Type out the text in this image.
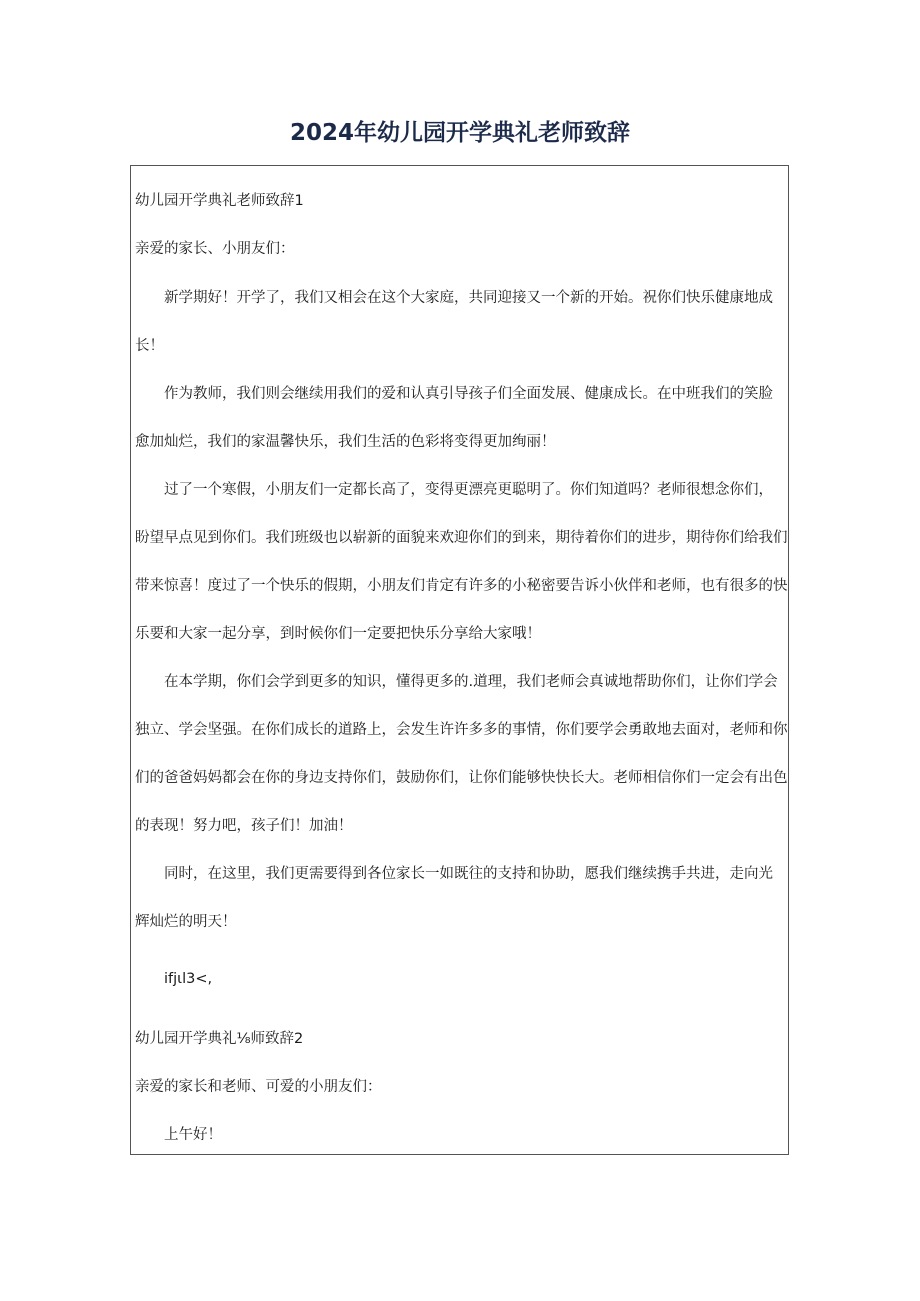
2024年幼儿园开学典礼老师致辞
幼儿园开学典礼老师致辞1
亲爱的家长、小朋友们：
新学期好！开学了，我们又相会在这个大家庭，共同迎接又一个新的开始。祝你们快乐健康地成
长！
作为教师，我们则会继续用我们的爱和认真引导孩子们全面发展、健康成长。在中班我们的笑脸
愈加灿烂，我们的家温馨快乐，我们生活的色彩将变得更加绚丽！
过了一个寒假，小朋友们一定都长高了，变得更漂亮更聪明了。你们知道吗？老师很想念你们，
盼望早点见到你们。我们班级也以崭新的面貌来欢迎你们的到来，期待着你们的进步，期待你们给我们
带来惊喜！度过了一个快乐的假期，小朋友们肯定有许多的小秘密要告诉小伙伴和老师，也有很多的快
乐要和大家一起分享，到时候你们一定要把快乐分享给大家哦！
在本学期，你们会学到更多的知识，懂得更多的.道理，我们老师会真诚地帮助你们，让你们学会
独立、学会坚强。在你们成长的道路上，会发生许许多多的事情，你们要学会勇敢地去面对，老师和你
们的爸爸妈妈都会在你的身边支持你们，鼓励你们，让你们能够快快长大。老师相信你们一定会有出色
的表现！努力吧，孩子们！加油！
同时，在这里，我们更需要得到各位家长一如既往的支持和协助，愿我们继续携手共进，走向光
辉灿烂的明天！
ifjιl3<,
幼儿园开学典礼⅛师致辞2
亲爱的家长和老师、可爱的小朋友们：
上午好！
